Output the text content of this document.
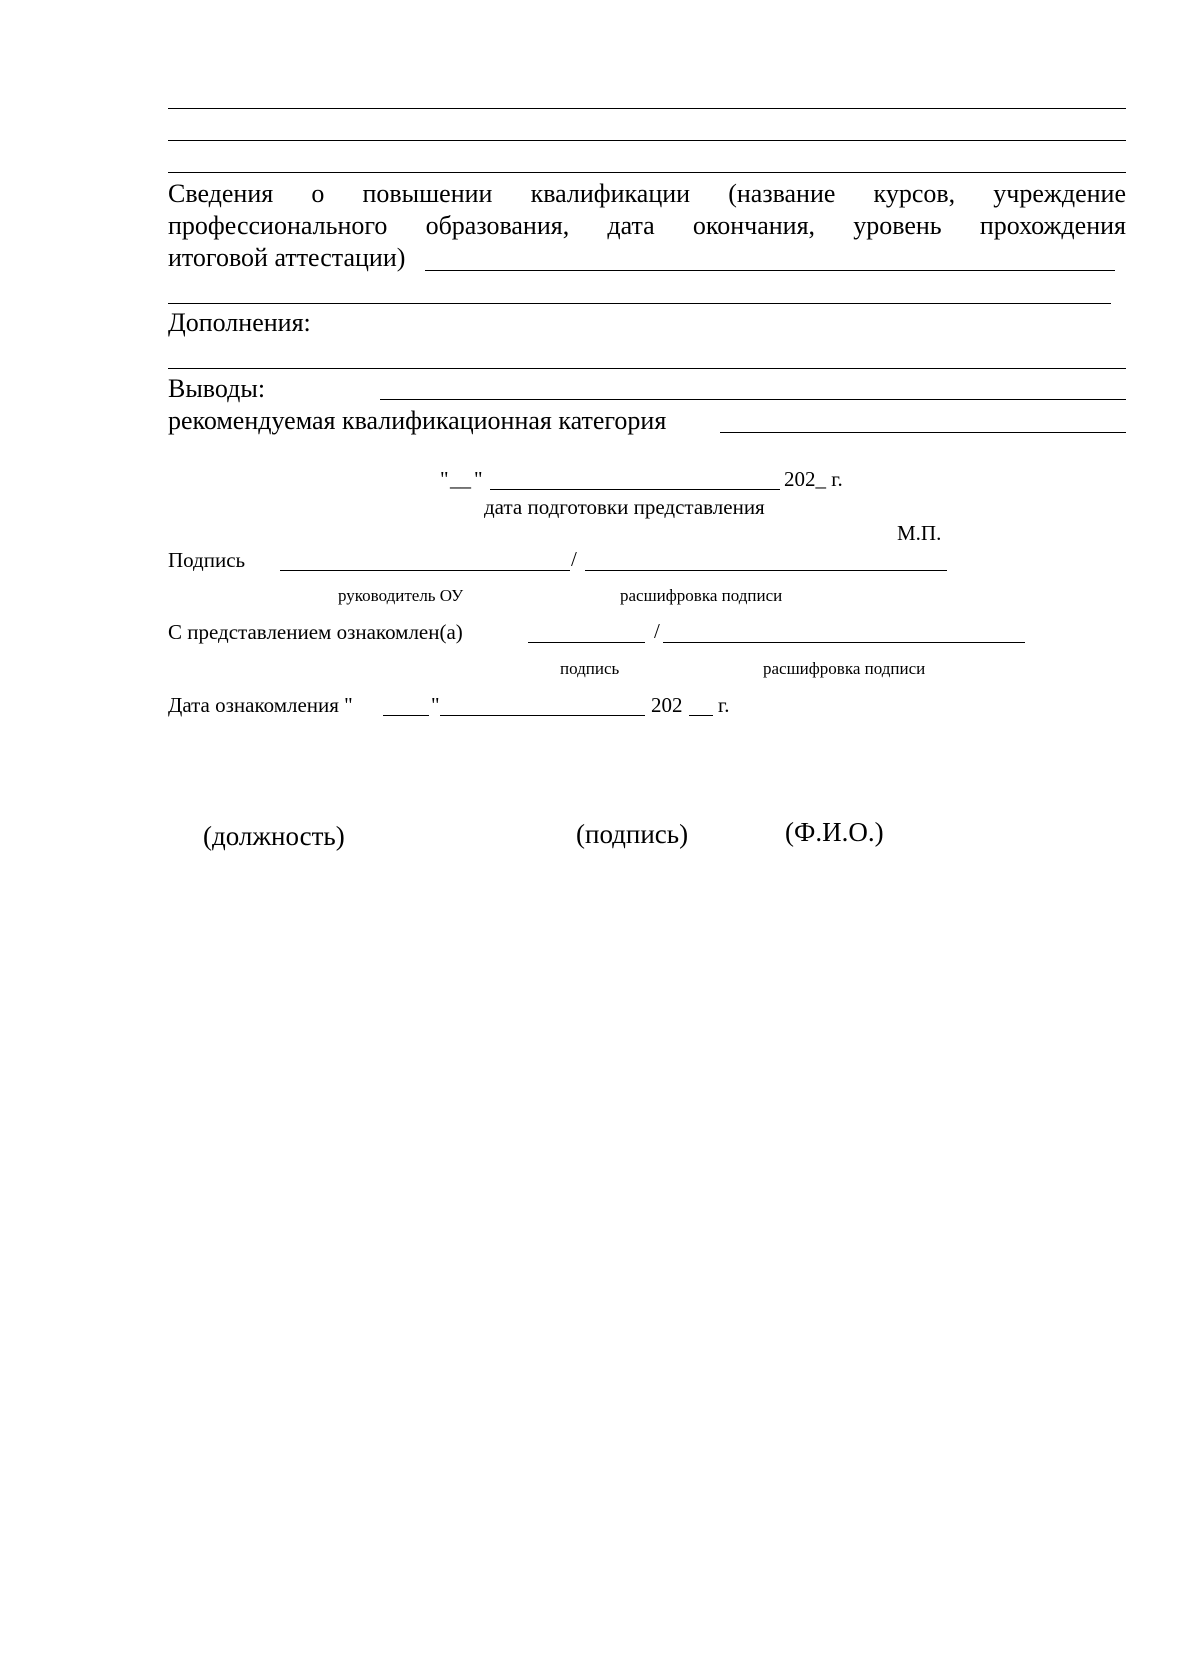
Сведения о повышении квалификации (название курсов, учреждение
профессионального образования, дата окончания, уровень прохождения
итоговой аттестации)
Дополнения:
Выводы:
рекомендуемая квалификационная категория
" __ "	202_ г.
дата подготовки представления
М.П.
Подпись	/
руководитель ОУ	расшифровка подписи
С представлением ознакомлен(а)	/
подпись	расшифровка подписи
Дата ознакомления "	"	202 г.
(должность)	(подпись)	(Ф.И.О.)
